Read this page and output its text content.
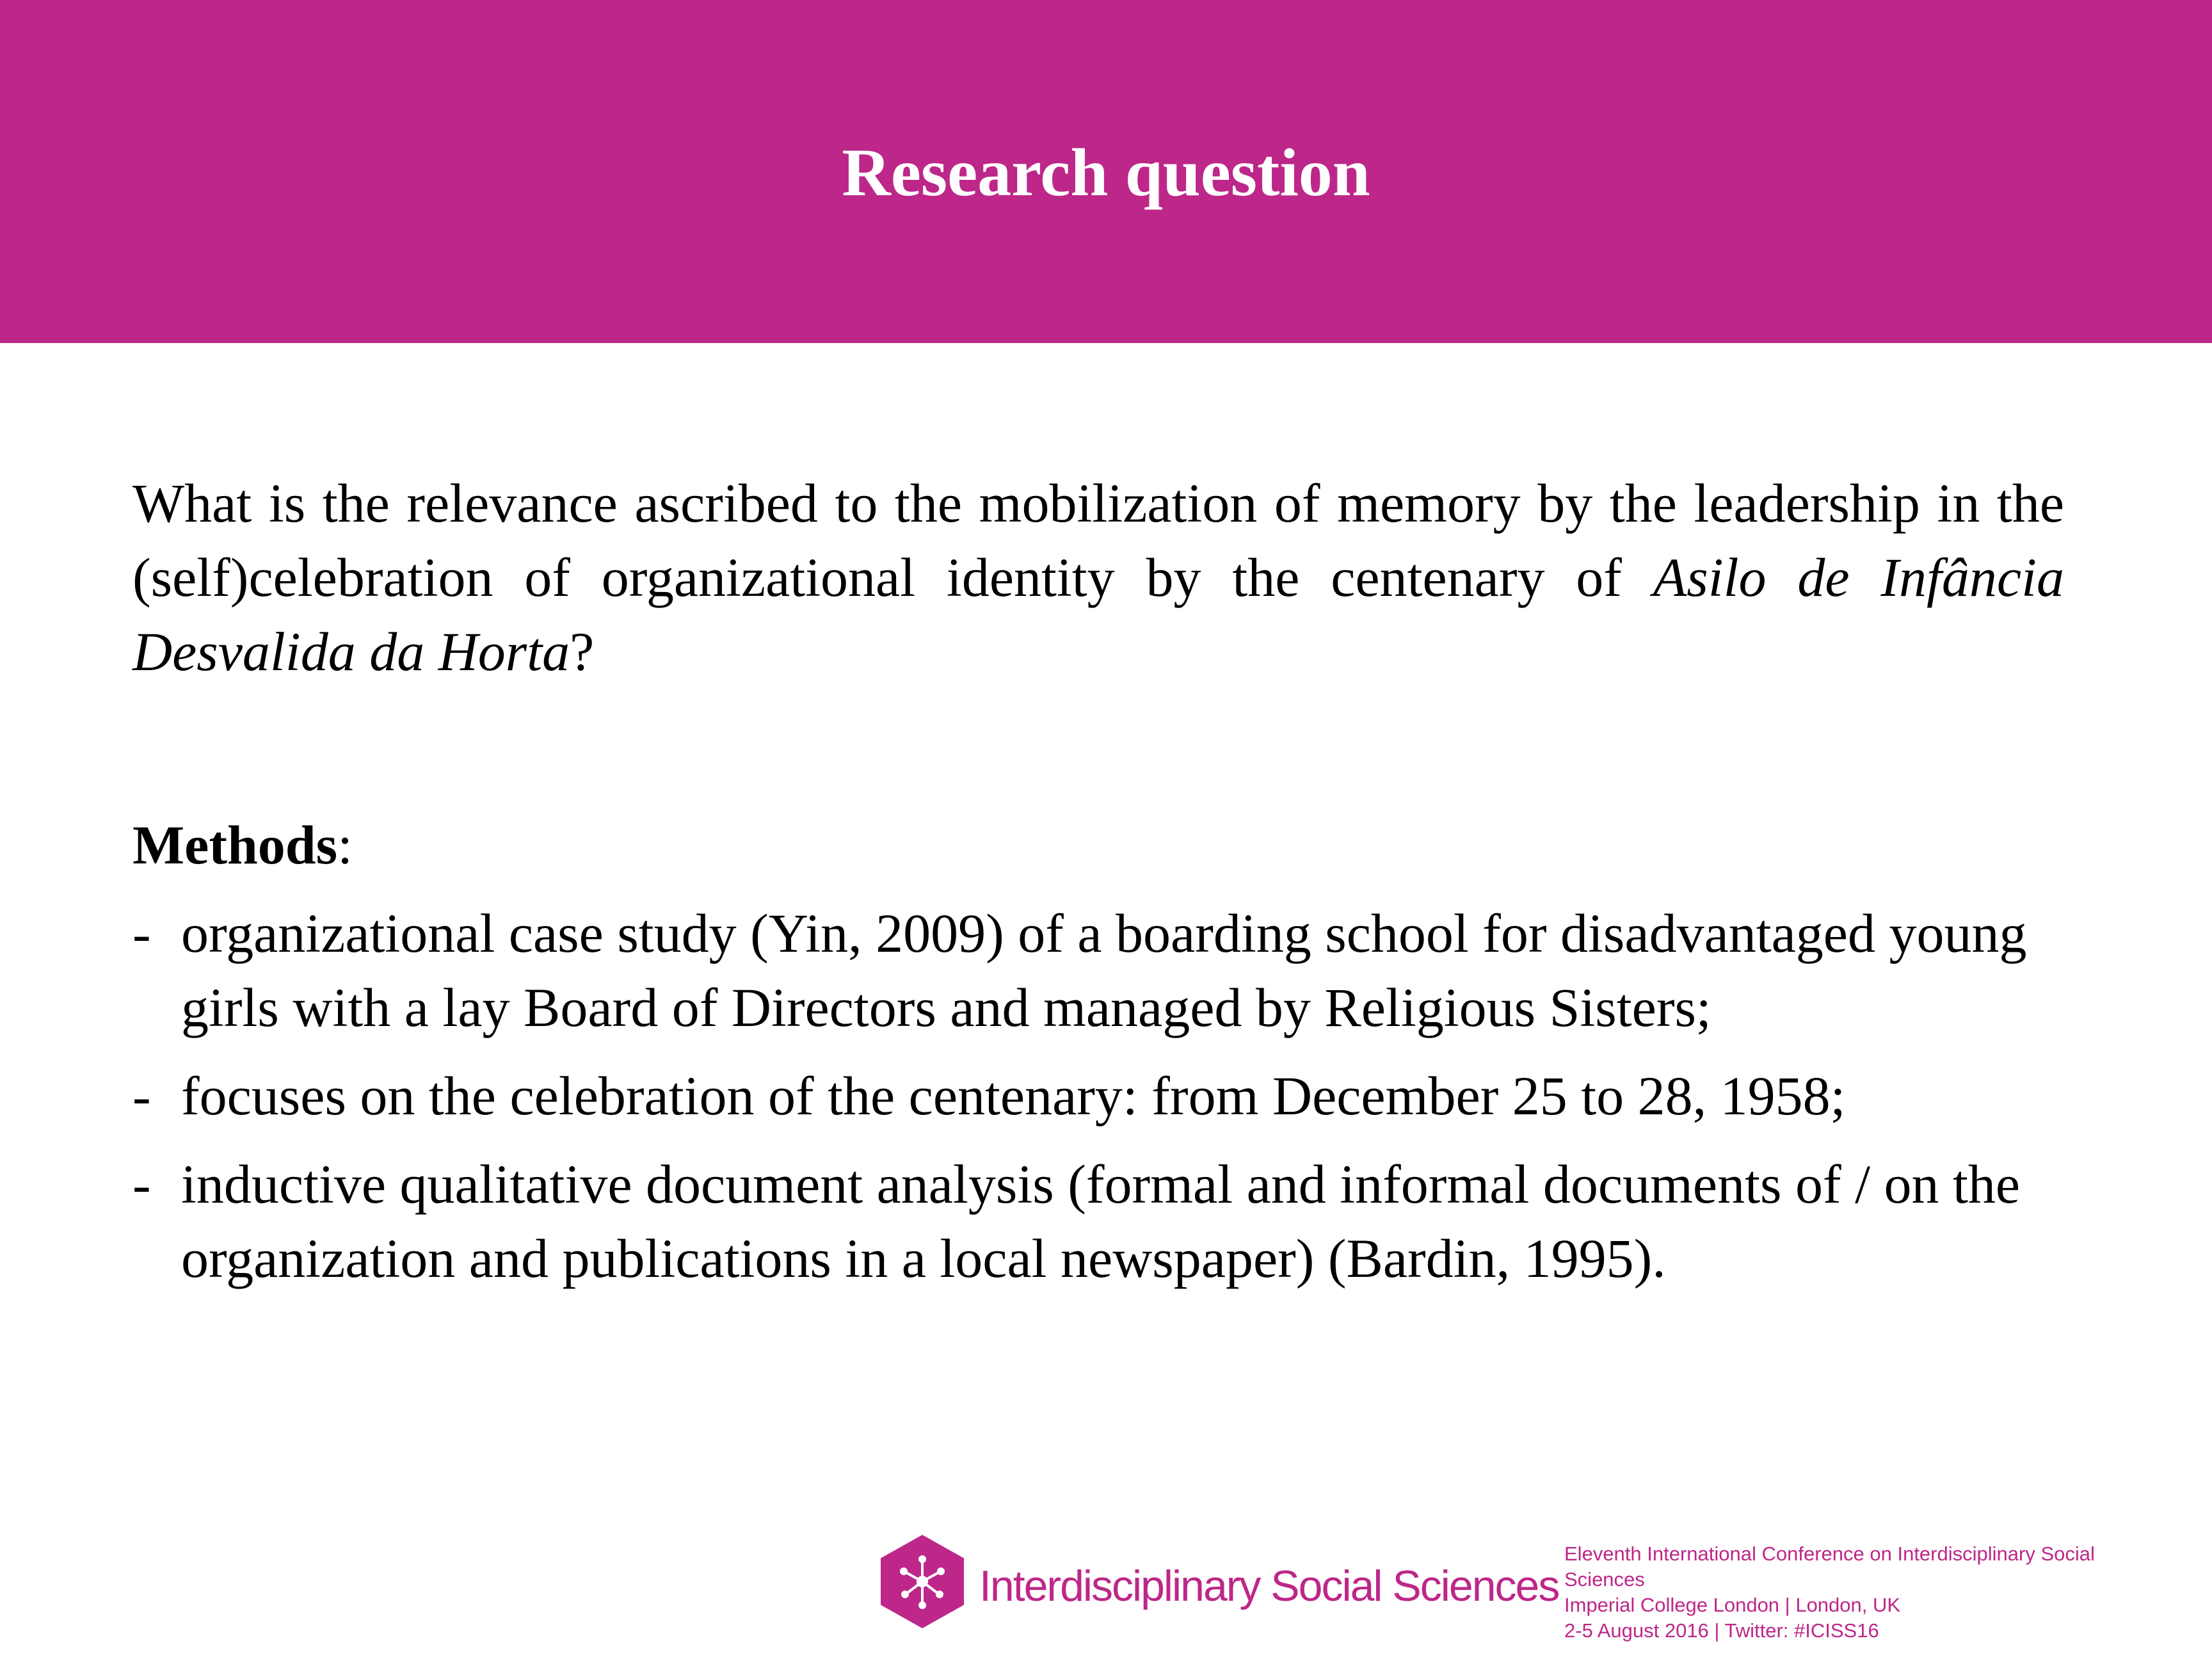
Research question
What is the relevance ascribed to the mobilization of memory by the leadership in the (self)celebration of organizational identity by the centenary of Asilo de Infância Desvalida da Horta?
Methods:
- organizational case study (Yin, 2009) of a boarding school for disadvantaged young girls with a lay Board of Directors and managed by Religious Sisters;
- focuses on the celebration of the centenary: from December 25 to 28, 1958;
- inductive qualitative document analysis (formal and informal documents of / on the organization and publications in a local newspaper) (Bardin, 1995).
Interdisciplinary Social Sciences
Eleventh International Conference on Interdisciplinary Social
Sciences
Imperial College London | London, UK
2-5 August 2016 | Twitter: #ICISS16
